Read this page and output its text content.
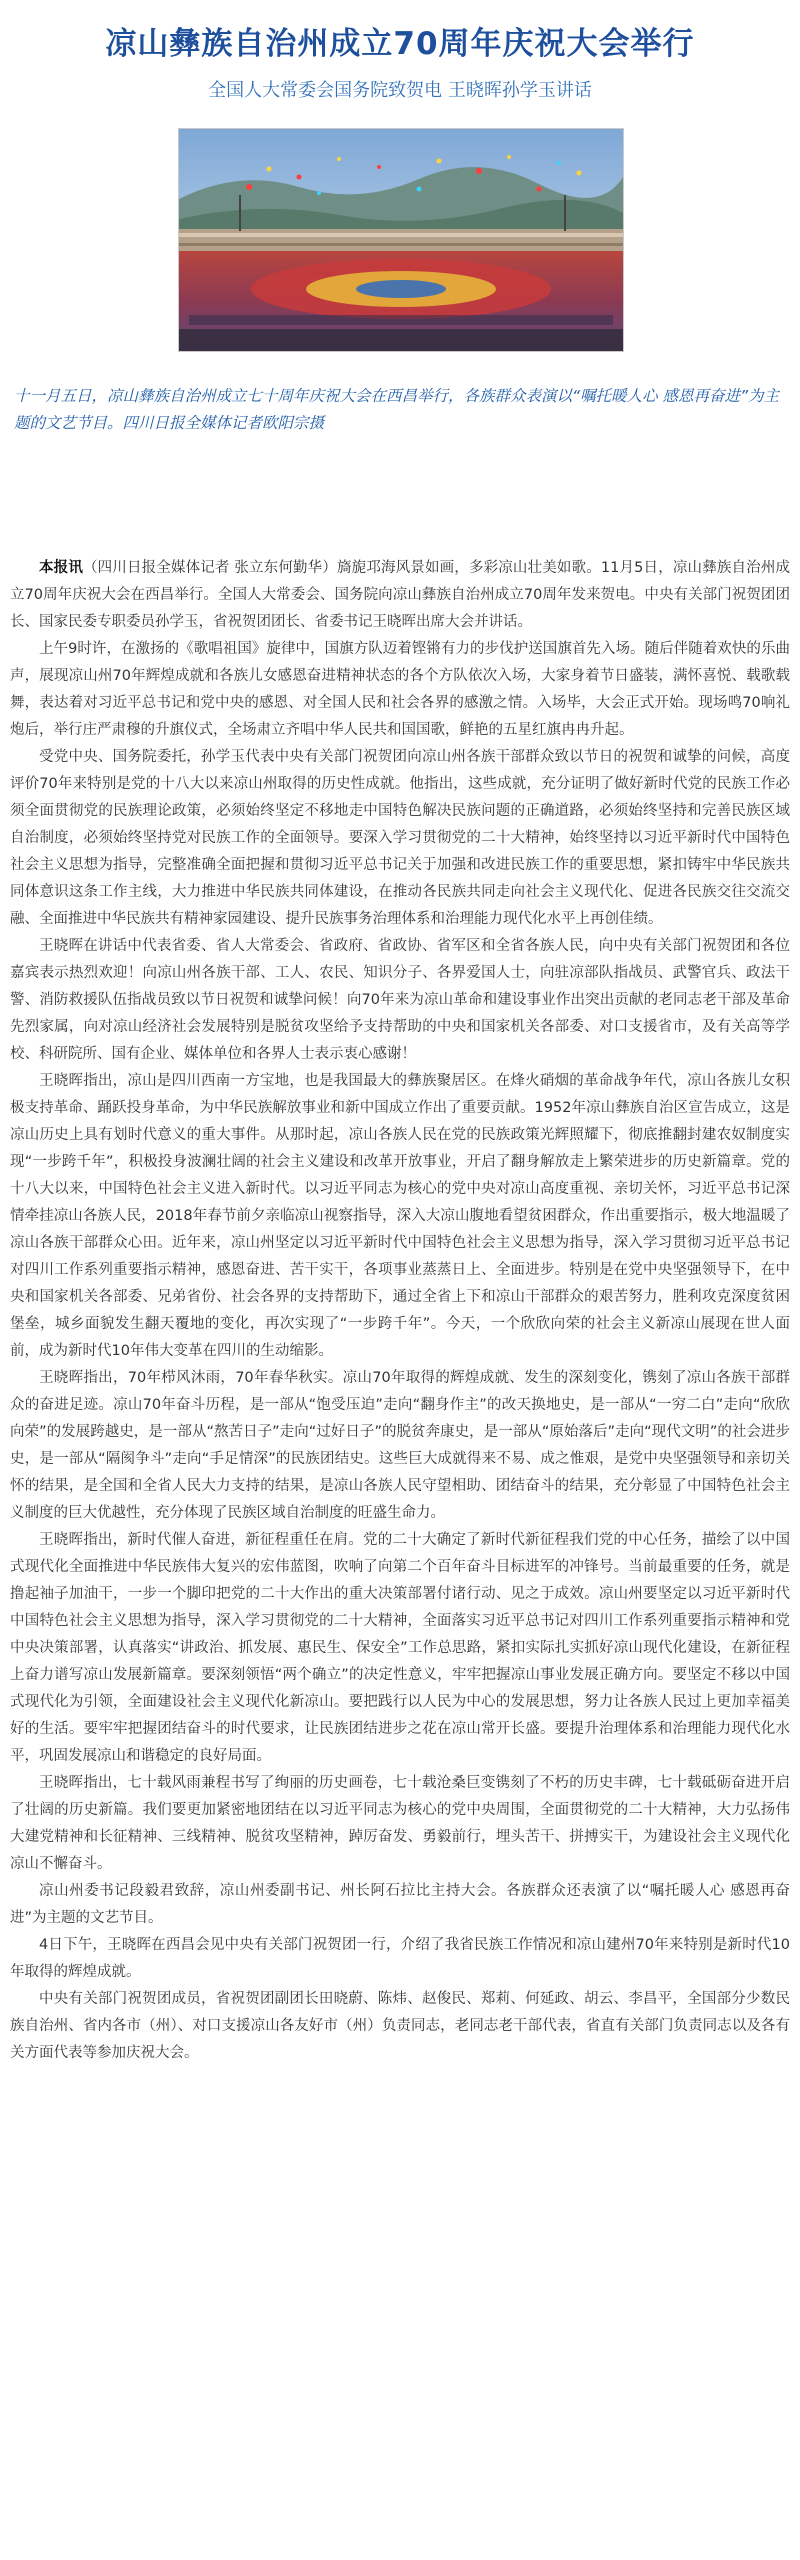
凉山彝族自治州成立70周年庆祝大会举行
全国人大常委会国务院致贺电 王晓晖孙学玉讲话
十一月五日，凉山彝族自治州成立七十周年庆祝大会在西昌举行，各族群众表演以“嘱托暖人心 感恩再奋进”为主题的文艺节目。四川日报全媒体记者欧阳宗摄

本报讯（四川日报全媒体记者 张立东何勤华）旖旎邛海风景如画，多彩凉山壮美如歌。11月5日，凉山彝族自治州成立70周年庆祝大会在西昌举行。全国人大常委会、国务院向凉山彝族自治州成立70周年发来贺电。中央有关部门祝贺团团长、国家民委专职委员孙学玉，省祝贺团团长、省委书记王晓晖出席大会并讲话。

上午9时许，在激扬的《歌唱祖国》旋律中，国旗方队迈着铿锵有力的步伐护送国旗首先入场。随后伴随着欢快的乐曲声，展现凉山州70年辉煌成就和各族儿女感恩奋进精神状态的各个方队依次入场，大家身着节日盛装，满怀喜悦、载歌载舞，表达着对习近平总书记和党中央的感恩、对全国人民和社会各界的感激之情。入场毕，大会正式开始。现场鸣70响礼炮后，举行庄严肃穆的升旗仪式，全场肃立齐唱中华人民共和国国歌，鲜艳的五星红旗冉冉升起。

受党中央、国务院委托，孙学玉代表中央有关部门祝贺团向凉山州各族干部群众致以节日的祝贺和诚挚的问候，高度评价70年来特别是党的十八大以来凉山州取得的历史性成就。他指出，这些成就，充分证明了做好新时代党的民族工作必须全面贯彻党的民族理论政策，必须始终坚定不移地走中国特色解决民族问题的正确道路，必须始终坚持和完善民族区域自治制度，必须始终坚持党对民族工作的全面领导。要深入学习贯彻党的二十大精神，始终坚持以习近平新时代中国特色社会主义思想为指导，完整准确全面把握和贯彻习近平总书记关于加强和改进民族工作的重要思想，紧扣铸牢中华民族共同体意识这条工作主线，大力推进中华民族共同体建设，在推动各民族共同走向社会主义现代化、促进各民族交往交流交融、全面推进中华民族共有精神家园建设、提升民族事务治理体系和治理能力现代化水平上再创佳绩。

王晓晖在讲话中代表省委、省人大常委会、省政府、省政协、省军区和全省各族人民，向中央有关部门祝贺团和各位嘉宾表示热烈欢迎！向凉山州各族干部、工人、农民、知识分子、各界爱国人士，向驻凉部队指战员、武警官兵、政法干警、消防救援队伍指战员致以节日祝贺和诚挚问候！向70年来为凉山革命和建设事业作出突出贡献的老同志老干部及革命先烈家属，向对凉山经济社会发展特别是脱贫攻坚给予支持帮助的中央和国家机关各部委、对口支援省市，及有关高等学校、科研院所、国有企业、媒体单位和各界人士表示衷心感谢！

王晓晖指出，凉山是四川西南一方宝地，也是我国最大的彝族聚居区。在烽火硝烟的革命战争年代，凉山各族儿女积极支持革命、踊跃投身革命，为中华民族解放事业和新中国成立作出了重要贡献。1952年凉山彝族自治区宣告成立，这是凉山历史上具有划时代意义的重大事件。从那时起，凉山各族人民在党的民族政策光辉照耀下，彻底推翻封建农奴制度实现“一步跨千年”，积极投身波澜壮阔的社会主义建设和改革开放事业，开启了翻身解放走上繁荣进步的历史新篇章。党的十八大以来，中国特色社会主义进入新时代。以习近平同志为核心的党中央对凉山高度重视、亲切关怀，习近平总书记深情牵挂凉山各族人民，2018年春节前夕亲临凉山视察指导，深入大凉山腹地看望贫困群众，作出重要指示，极大地温暖了凉山各族干部群众心田。近年来，凉山州坚定以习近平新时代中国特色社会主义思想为指导，深入学习贯彻习近平总书记对四川工作系列重要指示精神，感恩奋进、苦干实干，各项事业蒸蒸日上、全面进步。特别是在党中央坚强领导下，在中央和国家机关各部委、兄弟省份、社会各界的支持帮助下，通过全省上下和凉山干部群众的艰苦努力，胜利攻克深度贫困堡垒，城乡面貌发生翻天覆地的变化，再次实现了“一步跨千年”。今天，一个欣欣向荣的社会主义新凉山展现在世人面前，成为新时代10年伟大变革在四川的生动缩影。

王晓晖指出，70年栉风沐雨，70年春华秋实。凉山70年取得的辉煌成就、发生的深刻变化，镌刻了凉山各族干部群众的奋进足迹。凉山70年奋斗历程，是一部从“饱受压迫”走向“翻身作主”的改天换地史，是一部从“一穷二白”走向“欣欣向荣”的发展跨越史，是一部从“熬苦日子”走向“过好日子”的脱贫奔康史，是一部从“原始落后”走向“现代文明”的社会进步史，是一部从“隔阂争斗”走向“手足情深”的民族团结史。这些巨大成就得来不易、成之惟艰，是党中央坚强领导和亲切关怀的结果，是全国和全省人民大力支持的结果，是凉山各族人民守望相助、团结奋斗的结果，充分彰显了中国特色社会主义制度的巨大优越性，充分体现了民族区域自治制度的旺盛生命力。

王晓晖指出，新时代催人奋进，新征程重任在肩。党的二十大确定了新时代新征程我们党的中心任务，描绘了以中国式现代化全面推进中华民族伟大复兴的宏伟蓝图，吹响了向第二个百年奋斗目标进军的冲锋号。当前最重要的任务，就是撸起袖子加油干，一步一个脚印把党的二十大作出的重大决策部署付诸行动、见之于成效。凉山州要坚定以习近平新时代中国特色社会主义思想为指导，深入学习贯彻党的二十大精神，全面落实习近平总书记对四川工作系列重要指示精神和党中央决策部署，认真落实“讲政治、抓发展、惠民生、保安全”工作总思路，紧扣实际扎实抓好凉山现代化建设，在新征程上奋力谱写凉山发展新篇章。要深刻领悟“两个确立”的决定性意义，牢牢把握凉山事业发展正确方向。要坚定不移以中国式现代化为引领，全面建设社会主义现代化新凉山。要把践行以人民为中心的发展思想，努力让各族人民过上更加幸福美好的生活。要牢牢把握团结奋斗的时代要求，让民族团结进步之花在凉山常开长盛。要提升治理体系和治理能力现代化水平，巩固发展凉山和谐稳定的良好局面。

王晓晖指出，七十载风雨兼程书写了绚丽的历史画卷，七十载沧桑巨变镌刻了不朽的历史丰碑，七十载砥砺奋进开启了壮阔的历史新篇。我们要更加紧密地团结在以习近平同志为核心的党中央周围，全面贯彻党的二十大精神，大力弘扬伟大建党精神和长征精神、三线精神、脱贫攻坚精神，踔厉奋发、勇毅前行，埋头苦干、拼搏实干，为建设社会主义现代化凉山不懈奋斗。

凉山州委书记段毅君致辞，凉山州委副书记、州长阿石拉比主持大会。各族群众还表演了以“嘱托暖人心 感恩再奋进”为主题的文艺节目。

4日下午，王晓晖在西昌会见中央有关部门祝贺团一行，介绍了我省民族工作情况和凉山建州70年来特别是新时代10年取得的辉煌成就。

中央有关部门祝贺团成员，省祝贺团副团长田晓蔚、陈炜、赵俊民、郑莉、何延政、胡云、李昌平，全国部分少数民族自治州、省内各市（州）、对口支援凉山各友好市（州）负责同志，老同志老干部代表，省直有关部门负责同志以及各有关方面代表等参加庆祝大会。
